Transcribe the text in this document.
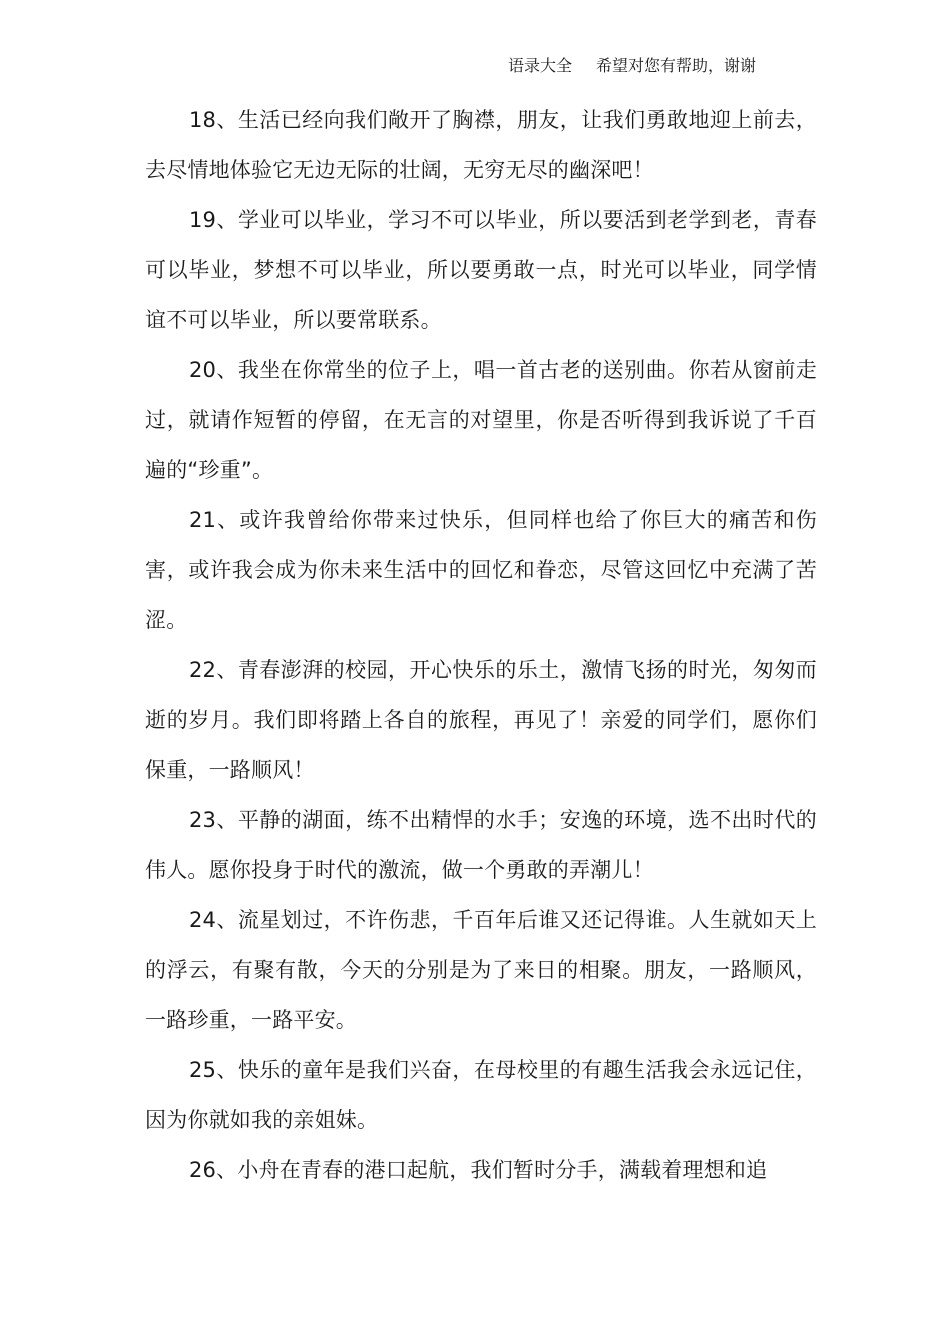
语录大全 希望对您有帮助，谢谢

18、生活已经向我们敞开了胸襟，朋友，让我们勇敢地迎上前去，去尽情地体验它无边无际的壮阔，无穷无尽的幽深吧！

19、学业可以毕业，学习不可以毕业，所以要活到老学到老，青春可以毕业，梦想不可以毕业，所以要勇敢一点，时光可以毕业，同学情谊不可以毕业，所以要常联系。

20、我坐在你常坐的位子上，唱一首古老的送别曲。你若从窗前走过，就请作短暂的停留，在无言的对望里，你是否听得到我诉说了千百遍的“珍重”。

21、或许我曾给你带来过快乐，但同样也给了你巨大的痛苦和伤害，或许我会成为你未来生活中的回忆和眷恋，尽管这回忆中充满了苦涩。

22、青春澎湃的校园，开心快乐的乐土，激情飞扬的时光，匆匆而逝的岁月。我们即将踏上各自的旅程，再见了！亲爱的同学们，愿你们保重，一路顺风！

23、平静的湖面，练不出精悍的水手；安逸的环境，选不出时代的伟人。愿你投身于时代的激流，做一个勇敢的弄潮儿！

24、流星划过，不许伤悲，千百年后谁又还记得谁。人生就如天上的浮云，有聚有散，今天的分别是为了来日的相聚。朋友，一路顺风，一路珍重，一路平安。

25、快乐的童年是我们兴奋，在母校里的有趣生活我会永远记住，因为你就如我的亲姐妹。

26、小舟在青春的港口起航，我们暂时分手，满载着理想和追
